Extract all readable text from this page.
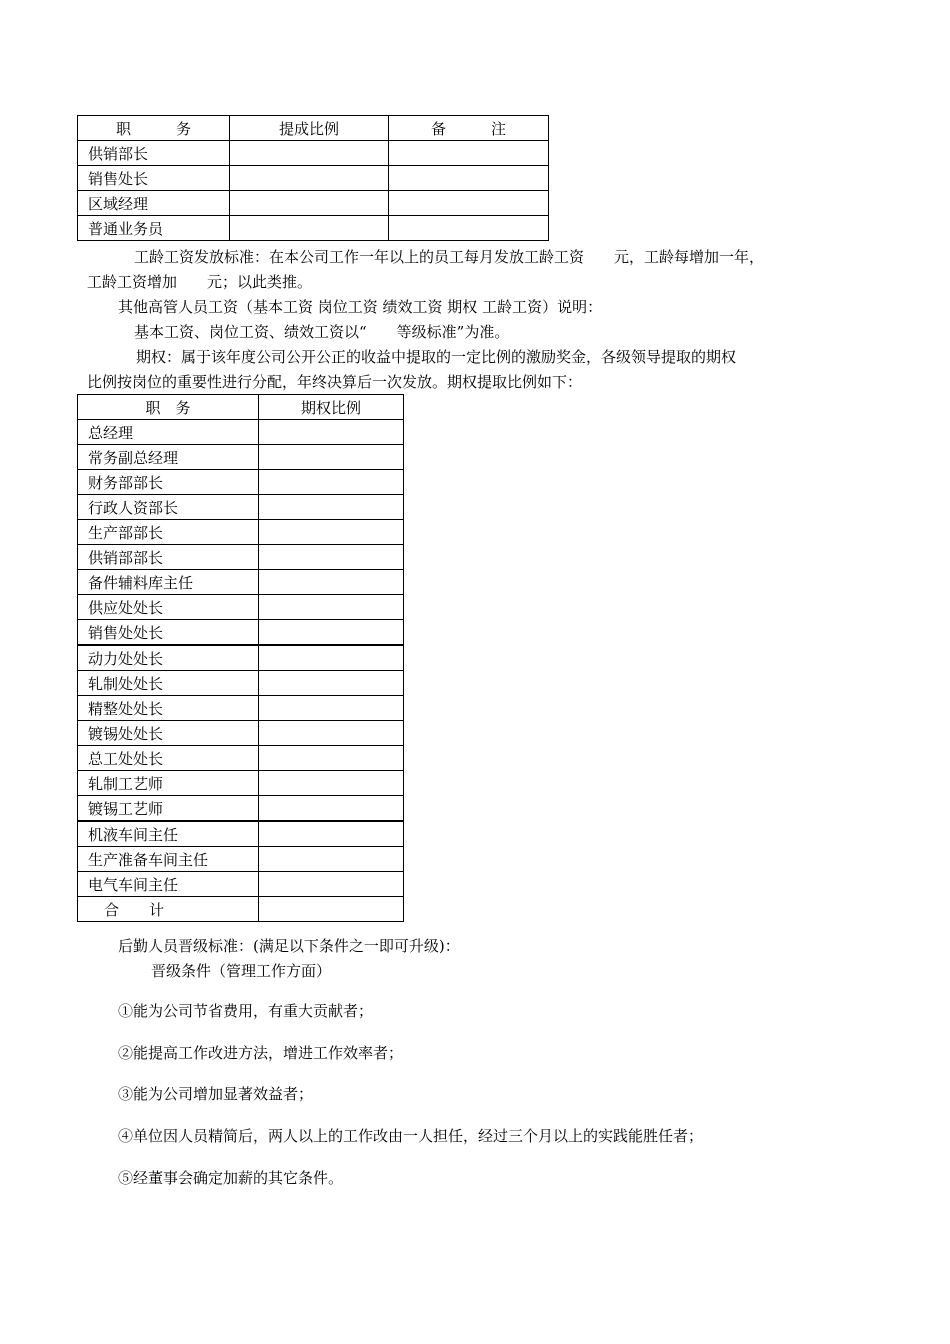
职　　　务	提成比例	备　　　注
供销部长		
销售处长		
区域经理		
普通业务员		
工龄工资发放标准：在本公司工作一年以上的员工每月发放工龄工资　　元，工龄每增加一年，
工龄工资增加　　元；以此类推。
其他高管人员工资（基本工资 岗位工资 绩效工资 期权 工龄工资）说明：
基本工资、岗位工资、绩效工资以“　　等级标准”为准。
期权：属于该年度公司公开公正的收益中提取的一定比例的激励奖金，各级领导提取的期权
比例按岗位的重要性进行分配，年终决算后一次发放。期权提取比例如下：
职　务	期权比例
总经理	
常务副总经理	
财务部部长	
行政人资部长	
生产部部长	
供销部部长	
备件辅料库主任	
供应处处长	
销售处处长	
动力处处长	
轧制处处长	
精整处处长	
镀锡处处长	
总工处处长	
轧制工艺师	
镀锡工艺师	
机液车间主任	
生产准备车间主任	
电气车间主任	
合　　计	
后勤人员晋级标准：(满足以下条件之一即可升级)：
晋级条件（管理工作方面）
①能为公司节省费用，有重大贡献者；
②能提高工作改进方法，增进工作效率者；
③能为公司增加显著效益者；
④单位因人员精简后，两人以上的工作改由一人担任，经过三个月以上的实践能胜任者；
⑤经董事会确定加薪的其它条件。
